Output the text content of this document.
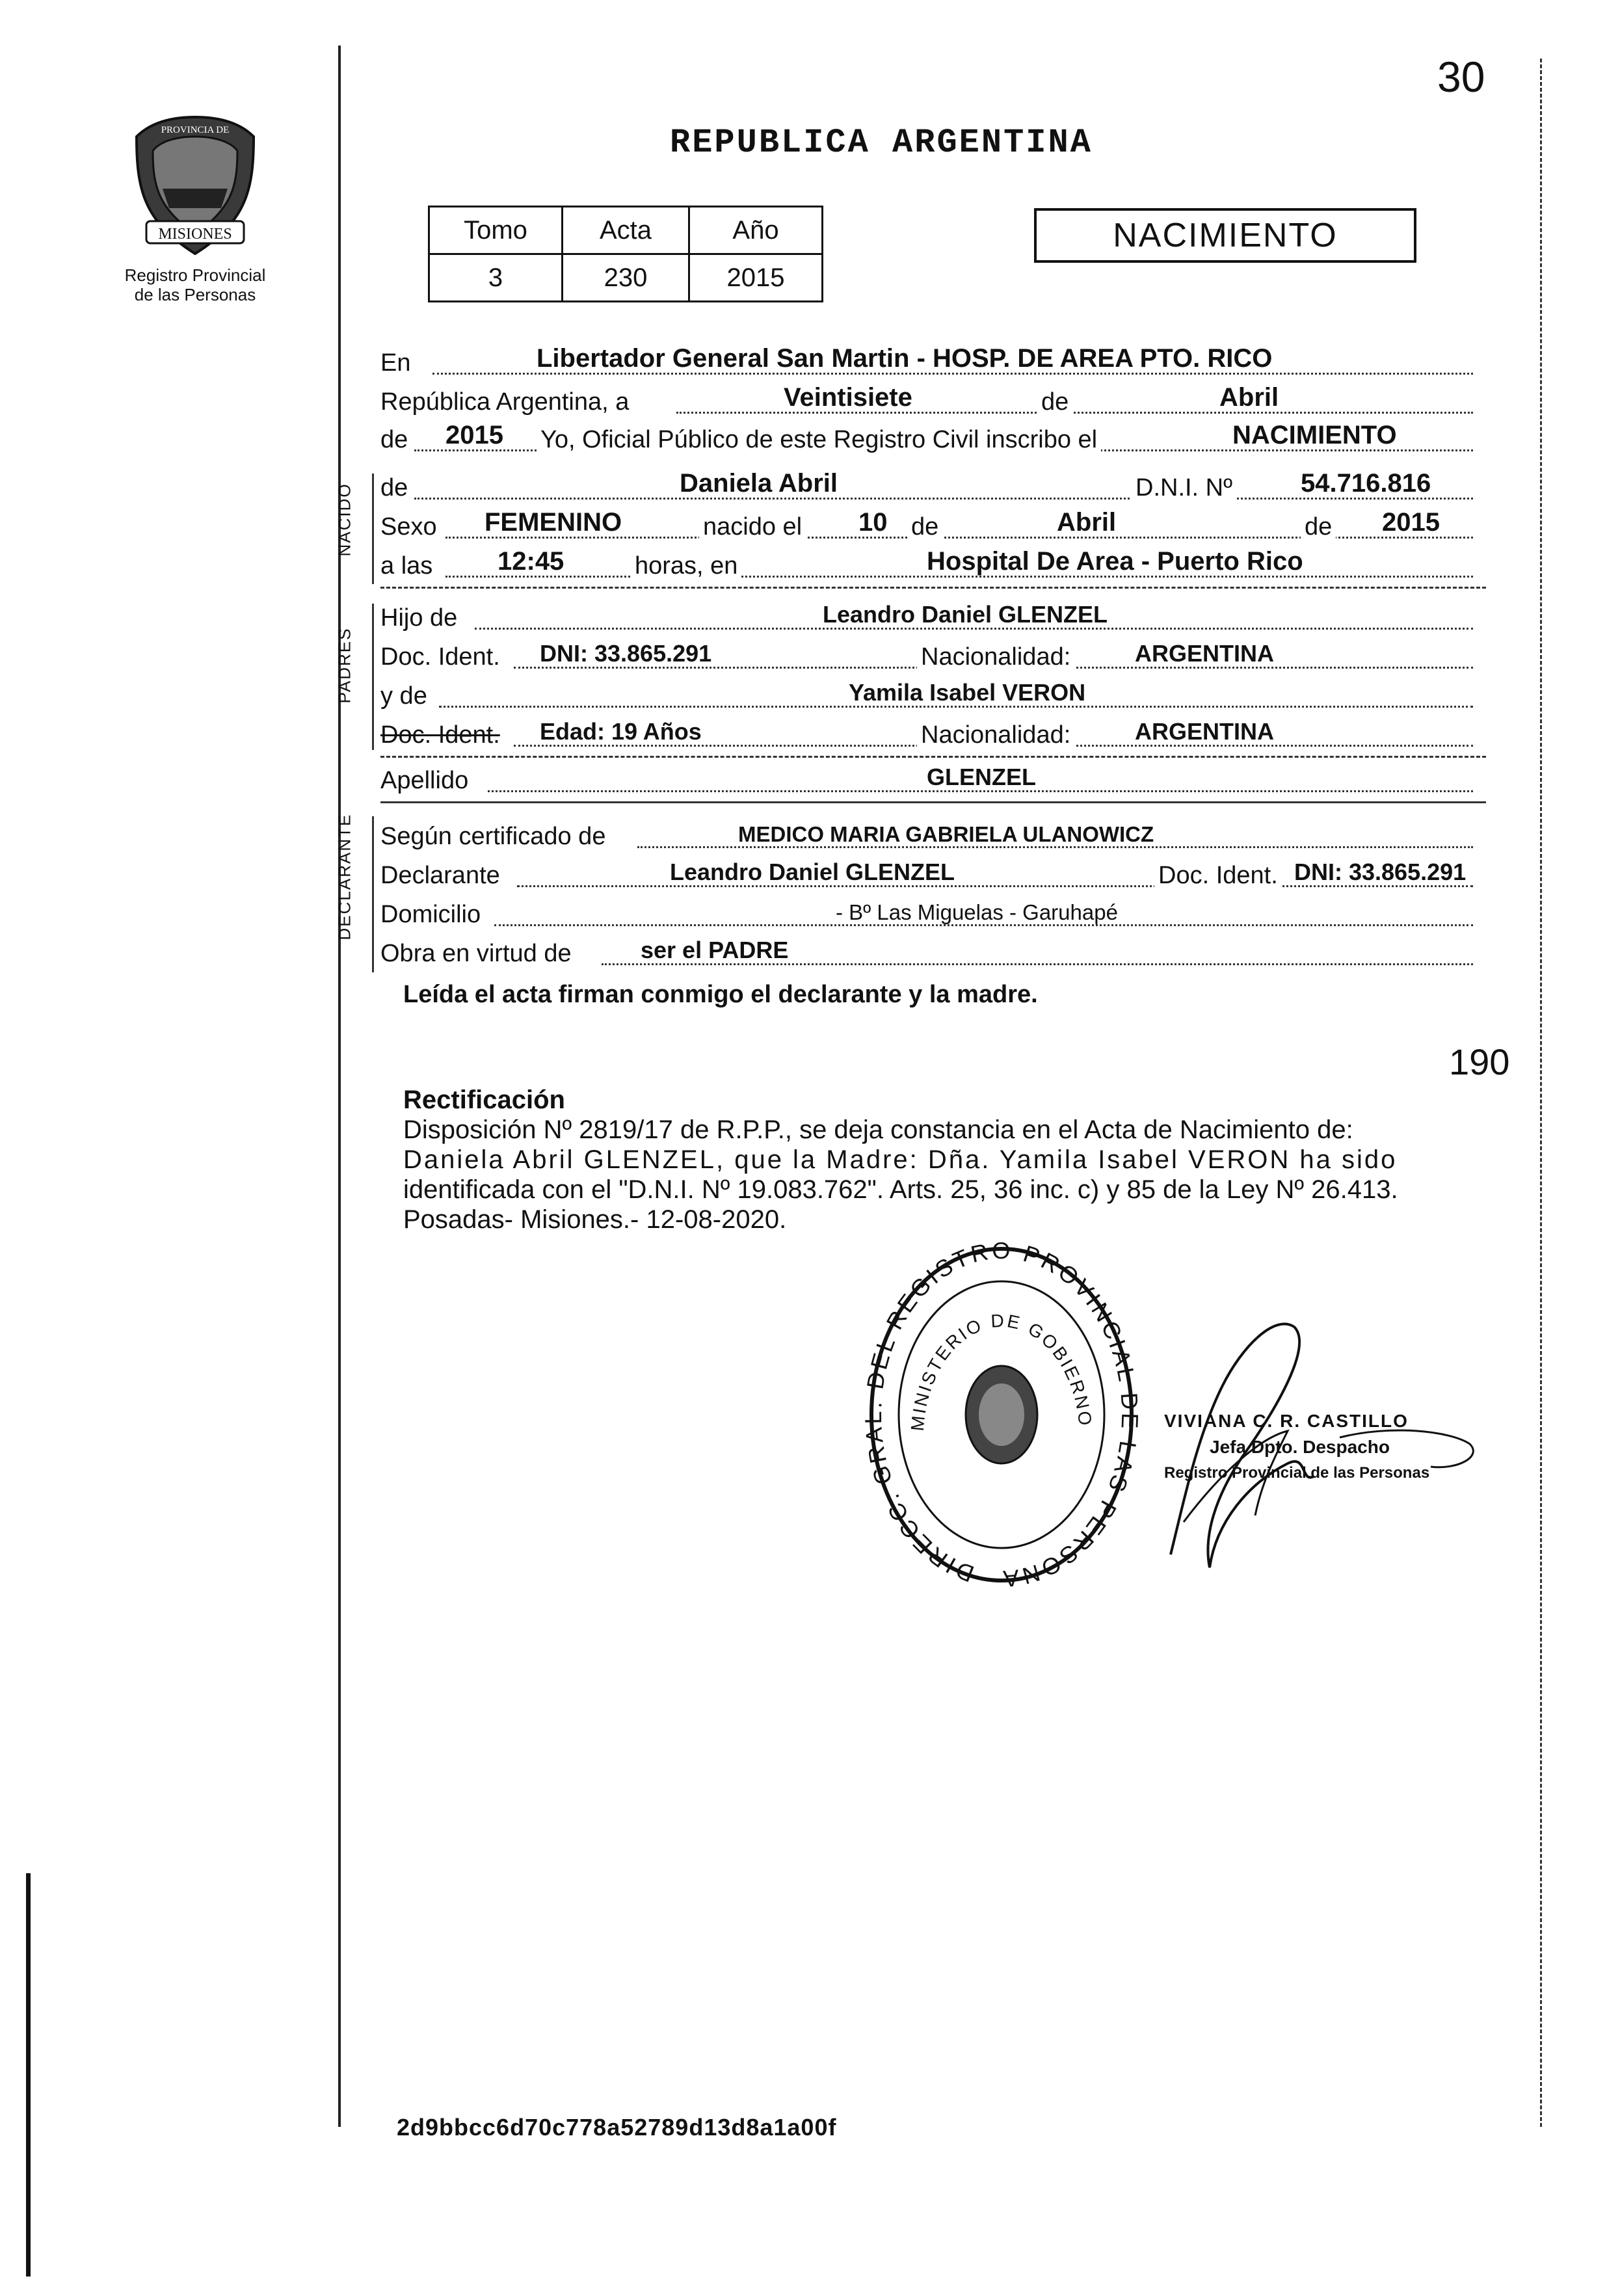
30
MISIONES
PROVINCIA DE
Registro Provincial
de las Personas
REPUBLICA ARGENTINA
Tomo	Acta	Año
3	230	2015
NACIMIENTO
En	Libertador General San Martin - HOSP. DE AREA PTO. RICO
República Argentina, a	Veintisiete	de	Abril
de 2015 Yo, Oficial Público de este Registro Civil inscribo el	NACIMIENTO
NACIDO de	Daniela Abril	D.N.I. Nº	54.716.816
Sexo FEMENINO	nacido el 10 de	Abril	de 2015
a las 12:45	horas, en	Hospital De Area - Puerto Rico
PADRES
Hijo de	Leandro Daniel GLENZEL
Doc. Ident. DNI: 33.865.291	Nacionalidad:	ARGENTINA
y de	Yamila Isabel VERON
Doc. Ident. Edad: 19 Años	Nacionalidad:	ARGENTINA
Apellido	GLENZEL
DECLARANTE Según certificado de	MEDICO MARIA GABRIELA ULANOWICZ
Declarante	Leandro Daniel GLENZEL	Doc. Ident. DNI: 33.865.291
Domicilio	- Bº Las Miguelas - Garuhapé
Obra en virtud de	ser el PADRE
Leída el acta firman conmigo el declarante y la madre.
190
Rectificación
Disposición Nº 2819/17 de R.P.P., se deja constancia en el Acta de Nacimiento de:
Daniela Abril GLENZEL, que la Madre: Dña. Yamila Isabel VERON ha sido
identificada con el "D.N.I. Nº 19.083.762". Arts. 25, 36 inc. c) y 85 de la Ley Nº 26.413.
Posadas- Misiones.- 12-08-2020.
DIRECC. G EL REGISTRO PROVINCIAL AS PERSONA
MINISTERIO DE GOBIERNO	VIVIANA C. R. CASTILLO
Jefa Dpto. Despacho
Registro Provincial de las Personas
2d9bbcc6d70c778a52789d13d8a1a00f
